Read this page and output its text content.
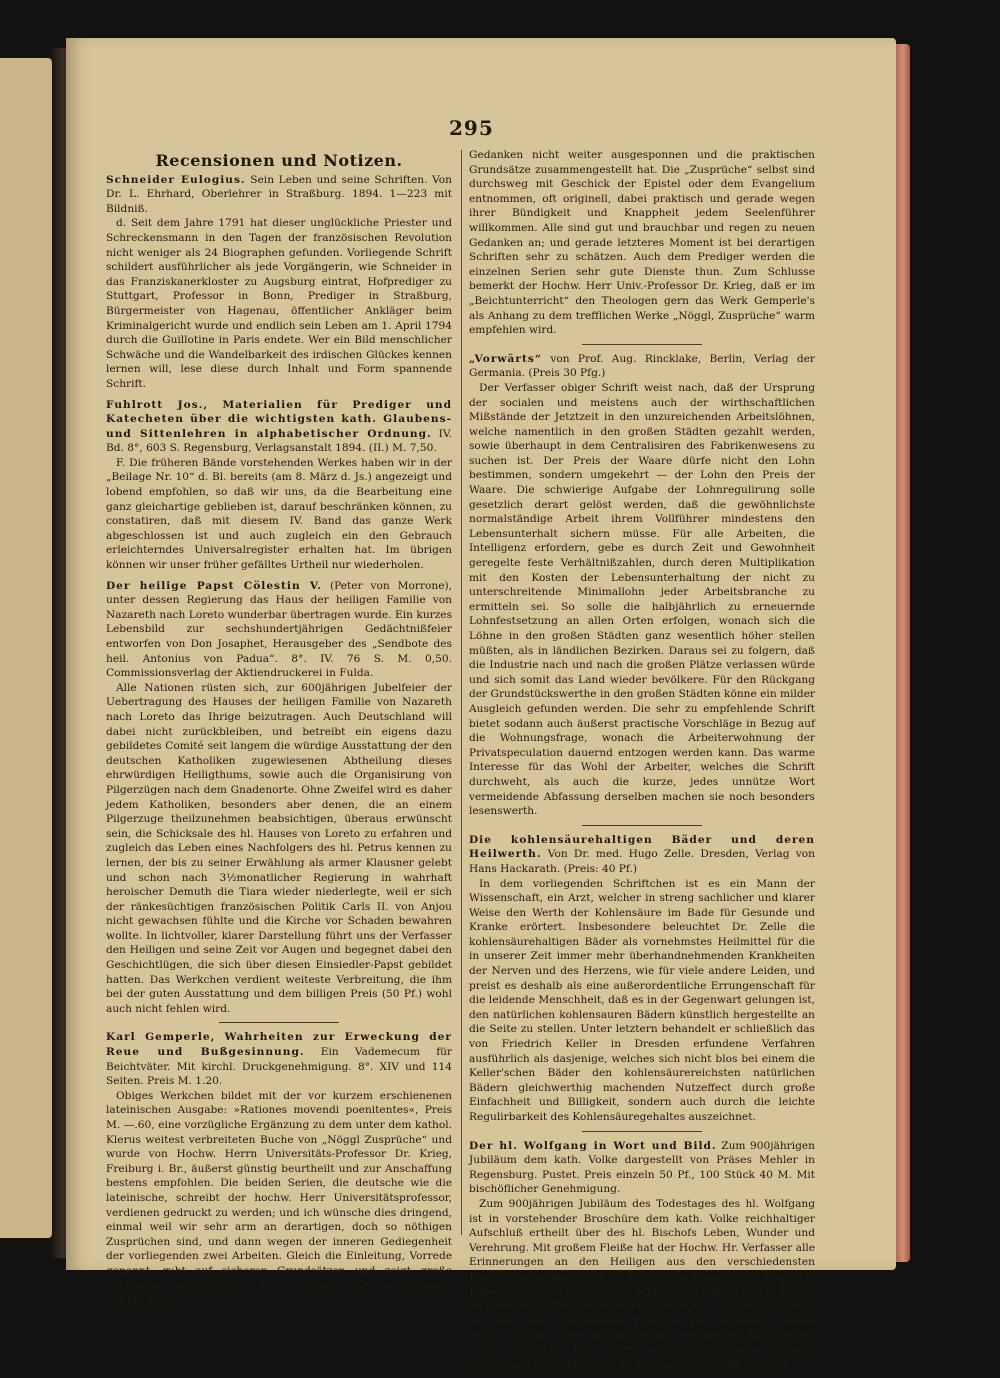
295
Recensionen und Notizen.

Schneider Eulogius. Sein Leben und seine Schriften. Von Dr. L. Ehrhard, Oberlehrer in Straßburg. 1894. 1—223 mit Bildniß.

d. Seit dem Jahre 1791 hat dieser unglückliche Priester und Schreckensmann in den Tagen der französischen Revolution nicht weniger als 24 Biographen gefunden. Vorliegende Schrift schildert ausführlicher als jede Vorgängerin, wie Schneider in das Franziskanerkloster zu Augsburg eintrat, Hofprediger zu Stuttgart, Professor in Bonn, Prediger in Straßburg, Bürgermeister von Hagenau, öffentlicher Ankläger beim Kriminalgericht wurde und endlich sein Leben am 1. April 1794 durch die Guillotine in Paris endete. Wer ein Bild menschlicher Schwäche und die Wandelbarkeit des irdischen Glückes kennen lernen will, lese diese durch Inhalt und Form spannende Schrift.

Fuhlrott Jos., Materialien für Prediger und Katecheten über die wichtigsten kath. Glaubens- und Sittenlehren in alphabetischer Ordnung. IV. Bd. 8°, 603 S. Regensburg, Verlagsanstalt 1894. (II.) M. 7,50.

F. Die früheren Bände vorstehenden Werkes haben wir in der „Beilage Nr. 10“ d. Bl. bereits (am 8. März d. Js.) angezeigt und lobend empfohlen, so daß wir uns, da die Bearbeitung eine ganz gleichartige geblieben ist, darauf beschränken können, zu constatiren, daß mit diesem IV. Band das ganze Werk abgeschlossen ist und auch zugleich ein den Gebrauch erleichterndes Universalregister erhalten hat. Im übrigen können wir unser früher gefälltes Urtheil nur wiederholen.

Der heilige Papst Cölestin V. (Peter von Morrone), unter dessen Regierung das Haus der heiligen Familie von Nazareth nach Loreto wunderbar übertragen wurde. Ein kurzes Lebensbild zur sechshundertjährigen Gedächtnißfeier entworfen von Don Josaphet, Herausgeber des „Sendbote des heil. Antonius von Padua“. 8°. IV. 76 S. M. 0,50. Commissionsverlag der Aktiendruckerei in Fulda.

Alle Nationen rüsten sich, zur 600jährigen Jubelfeier der Uebertragung des Hauses der heiligen Familie von Nazareth nach Loreto das Ihrige beizutragen. Auch Deutschland will dabei nicht zurückbleiben, und betreibt ein eigens dazu gebildetes Comité seit langem die würdige Ausstattung der den deutschen Katholiken zugewiesenen Abtheilung dieses ehrwürdigen Heiligthums, sowie auch die Organisirung von Pilgerzügen nach dem Gnadenorte. Ohne Zweifel wird es daher jedem Katholiken, besonders aber denen, die an einem Pilgerzuge theilzunehmen beabsichtigen, überaus erwünscht sein, die Schicksale des hl. Hauses von Loreto zu erfahren und zugleich das Leben eines Nachfolgers des hl. Petrus kennen zu lernen, der bis zu seiner Erwählung als armer Klausner gelebt und schon nach 3½monatlicher Regierung in wahrhaft heroischer Demuth die Tiara wieder niederlegte, weil er sich der ränkesüchtigen französischen Politik Carls II. von Anjou nicht gewachsen fühlte und die Kirche vor Schaden bewahren wollte. In lichtvoller, klarer Darstellung führt uns der Verfasser den Heiligen und seine Zeit vor Augen und begegnet dabei den Geschichtlügen, die sich über diesen Einsiedler-Papst gebildet hatten. Das Werkchen verdient weiteste Verbreitung, die ihm bei der guten Ausstattung und dem billigen Preis (50 Pf.) wohl auch nicht fehlen wird.

Karl Gemperle, Wahrheiten zur Erweckung der Reue und Bußgesinnung. Ein Vademecum für Beichtväter. Mit kirchl. Druckgenehmigung. 8°. XIV und 114 Seiten. Preis M. 1.20.

Obiges Werkchen bildet mit der vor kurzem erschienenen lateinischen Ausgabe: »Rationes movendi poenitentes«, Preis M. —.60, eine vorzügliche Ergänzung zu dem unter dem kathol. Klerus weitest verbreiteten Buche von „Nöggl Zusprüche“ und wurde von Hochw. Herrn Universitäts-Professor Dr. Krieg, Freiburg i. Br., äußerst günstig beurtheilt und zur Anschaffung bestens empfohlen. Die beiden Serien, die deutsche wie die lateinische, schreibt der hochw. Herr Universitätsprofessor, verdienen gedruckt zu werden; und ich wünsche dies dringend, einmal weil wir sehr arm an derartigen, doch so nöthigen Zusprüchen sind, und dann wegen der inneren Gediegenheit der vorliegenden zwei Arbeiten. Gleich die Einleitung, Vorrede genannt, ruht auf sicheren Grundsätzen und zeigt große Erfahrung des Verfassers. Es ist schade, daß der Verfasser gerade diese

Gedanken nicht weiter ausgesponnen und die praktischen Grundsätze zusammengestellt hat. Die „Zusprüche“ selbst sind durchsweg mit Geschick der Epistel oder dem Evangelium entnommen, oft originell, dabei praktisch und gerade wegen ihrer Bündigkeit und Knappheit jedem Seelenführer willkommen. Alle sind gut und brauchbar und regen zu neuen Gedanken an; und gerade letzteres Moment ist bei derartigen Schriften sehr zu schätzen. Auch dem Prediger werden die einzelnen Serien sehr gute Dienste thun. Zum Schlusse bemerkt der Hochw. Herr Univ.-Professor Dr. Krieg, daß er im „Beichtunterricht“ den Theologen gern das Werk Gemperle's als Anhang zu dem trefflichen Werke „Nöggl, Zusprüche“ warm empfehlen wird.

„Vorwärts“ von Prof. Aug. Rincklake, Berlin, Verlag der Germania. (Preis 30 Pfg.)

Der Verfasser obiger Schrift weist nach, daß der Ursprung der socialen und meistens auch der wirthschaftlichen Mißstände der Jetztzeit in den unzureichenden Arbeitslöhnen, welche namentlich in den großen Städten gezahlt werden, sowie überhaupt in dem Centralisiren des Fabrikenwesens zu suchen ist. Der Preis der Waare dürfe nicht den Lohn bestimmen, sondern umgekehrt — der Lohn den Preis der Waare. Die schwierige Aufgabe der Lohnregulirung solle gesetzlich derart gelöst werden, daß die gewöhnlichste normalständige Arbeit ihrem Vollführer mindestens den Lebensunterhalt sichern müsse. Für alle Arbeiten, die Intelligenz erfordern, gebe es durch Zeit und Gewohnheit geregelte feste Verhältnißzahlen, durch deren Multiplikation mit den Kosten der Lebensunterhaltung der nicht zu unterschreitende Minimallohn jeder Arbeitsbranche zu ermitteln sei. So solle die halbjährlich zu erneuernde Lohnfestsetzung an allen Orten erfolgen, wonach sich die Löhne in den großen Städten ganz wesentlich höher stellen müßten, als in ländlichen Bezirken. Daraus sei zu folgern, daß die Industrie nach und nach die großen Plätze verlassen würde und sich somit das Land wieder bevölkere. Für den Rückgang der Grundstückswerthe in den großen Städten könne ein milder Ausgleich gefunden werden. Die sehr zu empfehlende Schrift bietet sodann auch äußerst practische Vorschläge in Bezug auf die Wohnungsfrage, wonach die Arbeiterwohnung der Privatspeculation dauernd entzogen werden kann. Das warme Interesse für das Wohl der Arbeiter, welches die Schrift durchweht, als auch die kurze, jedes unnütze Wort vermeidende Abfassung derselben machen sie noch besonders lesenswerth.

Die kohlensäurehaltigen Bäder und deren Heilwerth. Von Dr. med. Hugo Zelle. Dresden, Verlag von Hans Hackarath. (Preis: 40 Pf.)

In dem vorliegenden Schriftchen ist es ein Mann der Wissenschaft, ein Arzt, welcher in streng sachlicher und klarer Weise den Werth der Kohlensäure im Bade für Gesunde und Kranke erörtert. Insbesondere beleuchtet Dr. Zelle die kohlensäurehaltigen Bäder als vornehmstes Heilmittel für die in unserer Zeit immer mehr überhandnehmenden Krankheiten der Nerven und des Herzens, wie für viele andere Leiden, und preist es deshalb als eine außerordentliche Errungenschaft für die leidende Menschheit, daß es in der Gegenwart gelungen ist, den natürlichen kohlensauren Bädern künstlich hergestellte an die Seite zu stellen. Unter letztern behandelt er schließlich das von Friedrich Keller in Dresden erfundene Verfahren ausführlich als dasjenige, welches sich nicht blos bei einem die Keller'schen Bäder den kohlensäurereichsten natürlichen Bädern gleichwerthig machenden Nutzeffect durch große Einfachheit und Billigkeit, sondern auch durch die leichte Regulirbarkeit des Kohlensäuregehaltes auszeichnet.

Der hl. Wolfgang in Wort und Bild. Zum 900jährigen Jubiläum dem kath. Volke dargestellt von Präses Mehler in Regensburg. Pustet. Preis einzeln 50 Pf., 100 Stück 40 M. Mit bischöflicher Genehmigung.

Zum 900jährigen Jubiläum des Todestages des hl. Wolfgang ist in vorstehender Broschüre dem kath. Volke reichhaltiger Aufschluß ertheilt über des hl. Bischofs Leben, Wunder und Verehrung. Mit großem Fleiße hat der Hochw. Hr. Verfasser alle Erinnerungen an den Heiligen aus den verschiedensten Ländern gesammelt und so in seiner mit passenden Zugaben, Programmen und sinnigen Gedichten, verbundenen Schrift eine empfehlenswerthe Jubiläumsgabe geboten. Was das Interesse auf diese gewiß zeitgemäße Broschüre noch besonders lenken dürfte, sind die vielen und meisterhaft gelungenen Abbildungen (mehr als 30 für 108 Seiten), welche in treffender Auswahl Scenen aus dem Leben des hl. Wolfgang, Orte, die er durch
